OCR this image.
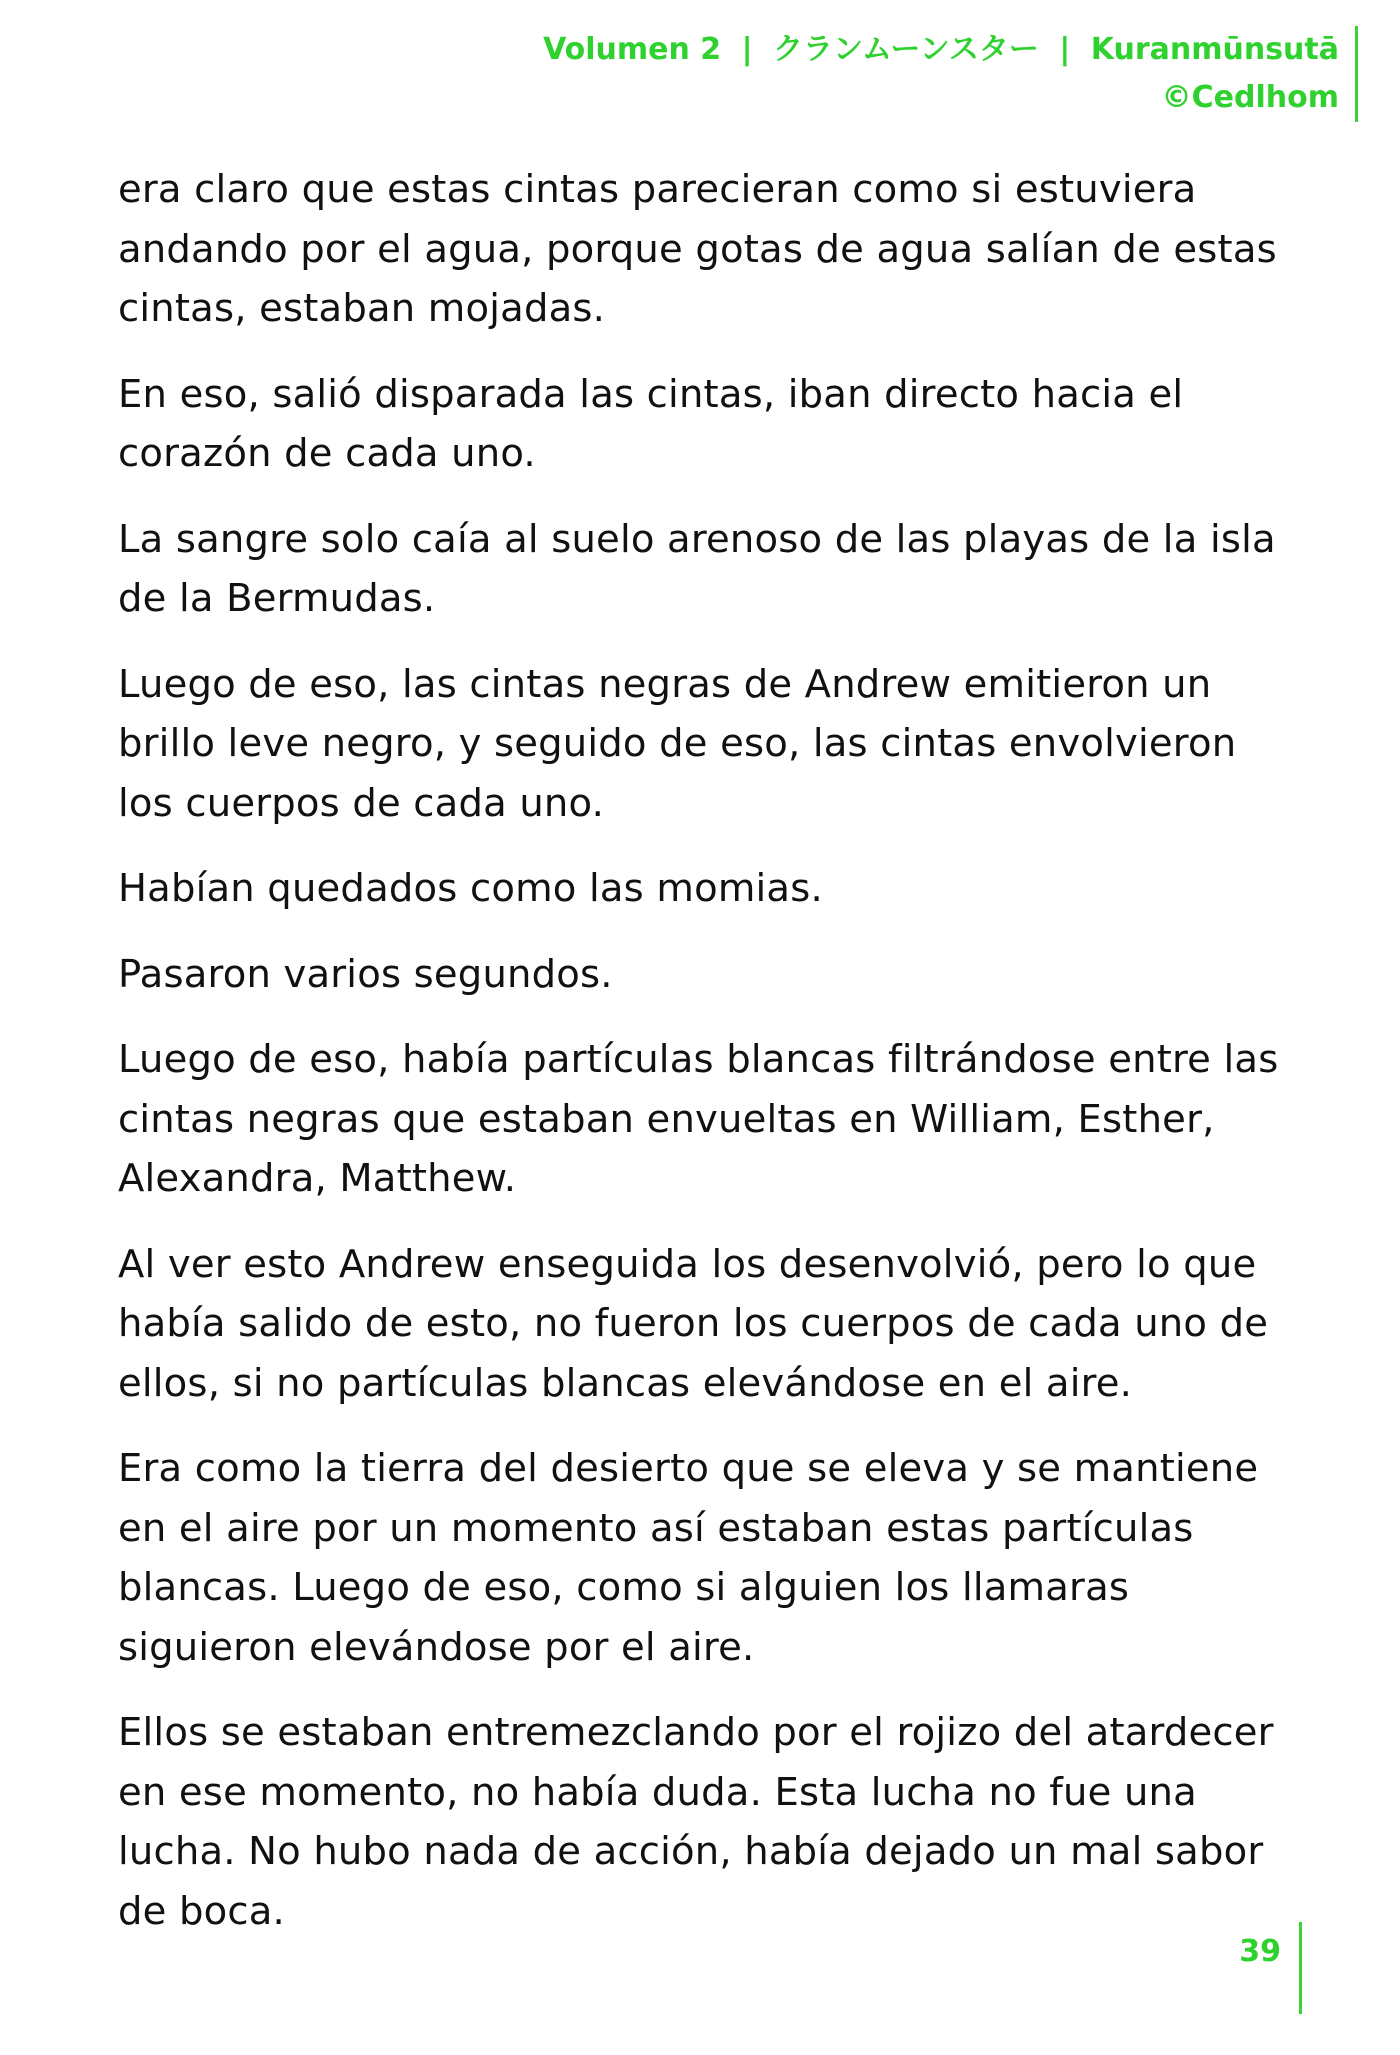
Volumen 2 | クランムーンスター | Kuranmūnsutā
©Cedlhom

era claro que estas cintas parecieran como si estuviera andando por el agua, porque gotas de agua salían de estas cintas, estaban mojadas.

En eso, salió disparada las cintas, iban directo hacia el corazón de cada uno.

La sangre solo caía al suelo arenoso de las playas de la isla de la Bermudas.

Luego de eso, las cintas negras de Andrew emitieron un brillo leve negro, y seguido de eso, las cintas envolvieron los cuerpos de cada uno.

Habían quedados como las momias.

Pasaron varios segundos.

Luego de eso, había partículas blancas filtrándose entre las cintas negras que estaban envueltas en William, Esther, Alexandra, Matthew.

Al ver esto Andrew enseguida los desenvolvió, pero lo que había salido de esto, no fueron los cuerpos de cada uno de ellos, si no partículas blancas elevándose en el aire.

Era como la tierra del desierto que se eleva y se mantiene en el aire por un momento así estaban estas partículas blancas. Luego de eso, como si alguien los llamaras siguieron elevándose por el aire.

Ellos se estaban entremezclando por el rojizo del atardecer en ese momento, no había duda. Esta lucha no fue una lucha. No hubo nada de acción, había dejado un mal sabor de boca.

39
